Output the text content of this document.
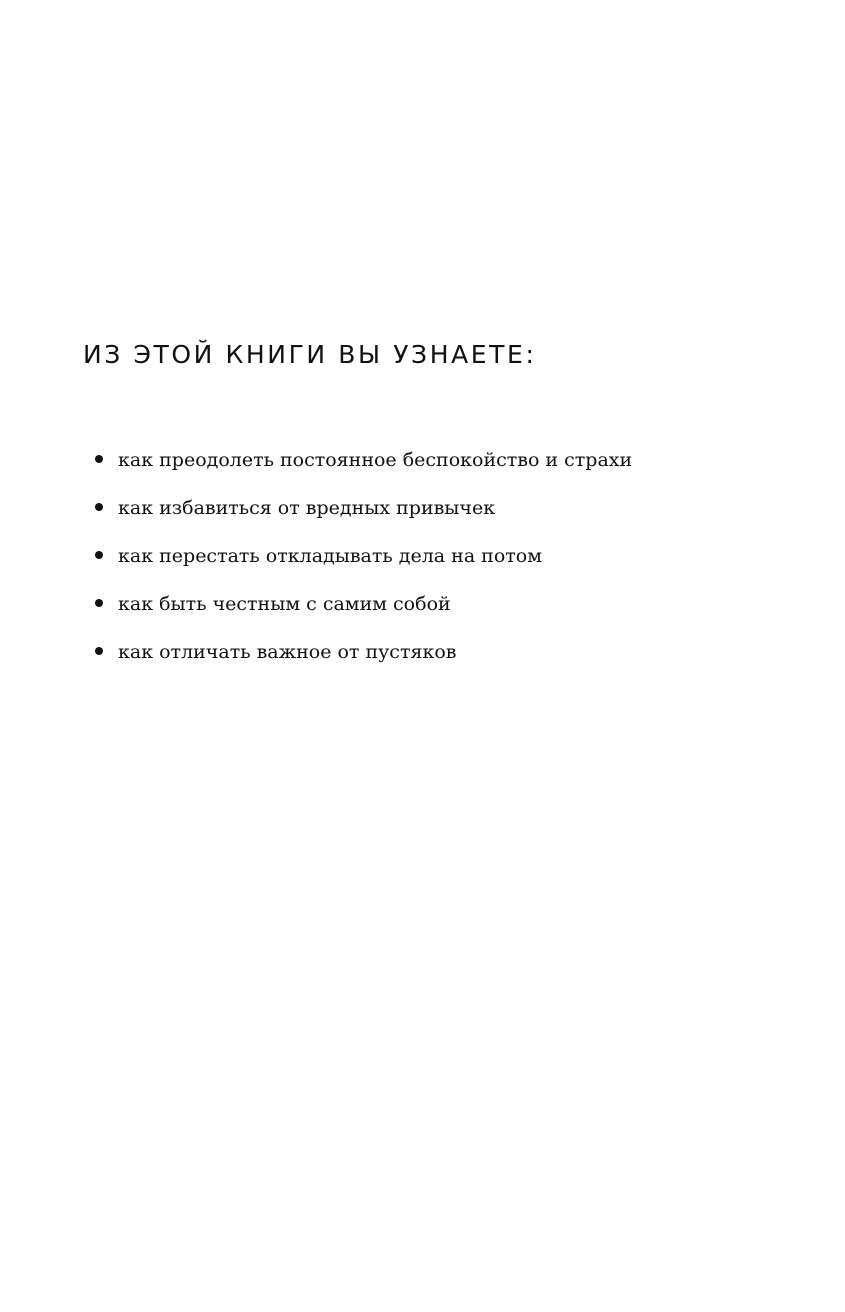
ИЗ ЭТОЙ КНИГИ ВЫ УЗНАЕТЕ:
как преодолеть постоянное беспокойство и страхи
как избавиться от вредных привычек
как перестать откладывать дела на потом
как быть честным с самим собой
как отличать важное от пустяков
